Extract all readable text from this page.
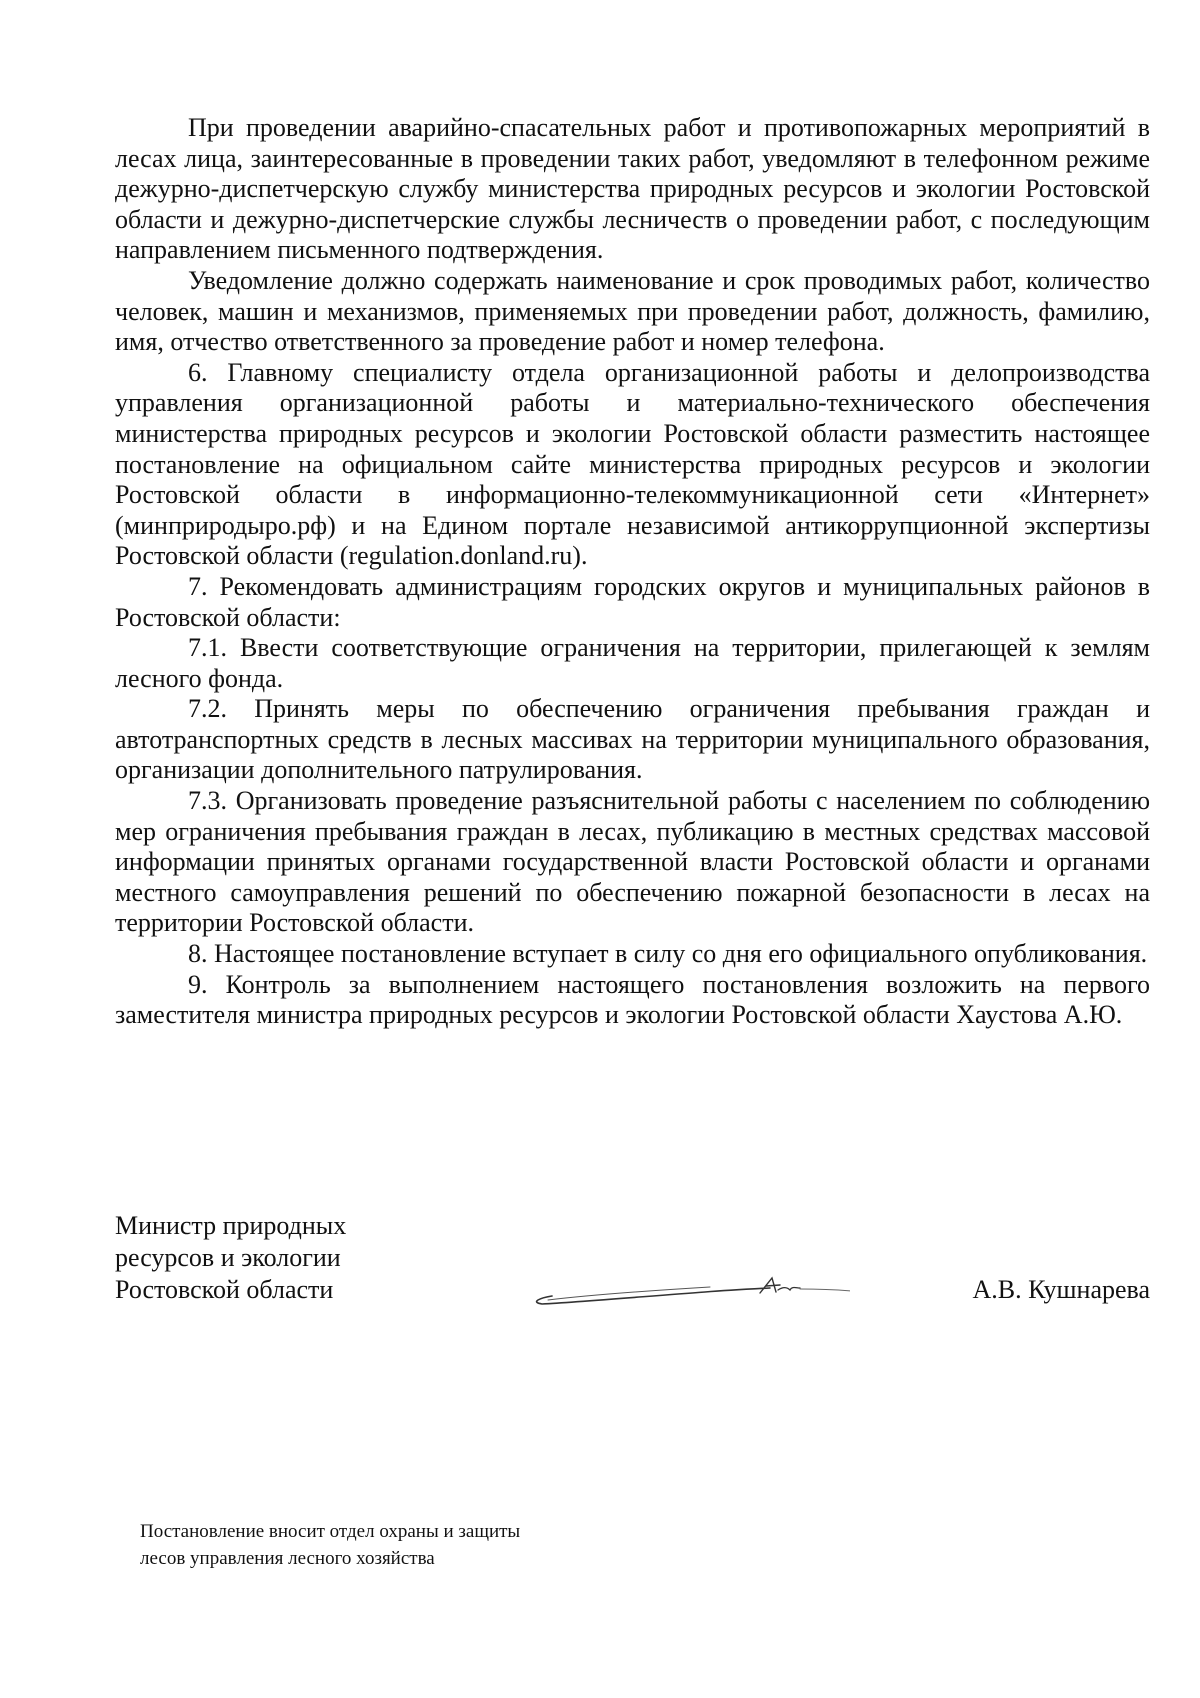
При проведении аварийно-спасательных работ и противопожарных мероприятий в лесах лица, заинтересованные в проведении таких работ, уведомляют в телефонном режиме дежурно-диспетчерскую службу министерства природных ресурсов и экологии Ростовской области и дежурно-диспетчерские службы лесничеств о проведении работ, с последующим направлением письменного подтверждения.

Уведомление должно содержать наименование и срок проводимых работ, количество человек, машин и механизмов, применяемых при проведении работ, должность, фамилию, имя, отчество ответственного за проведение работ и номер телефона.

6. Главному специалисту отдела организационной работы и делопроизводства управления организационной работы и материально-технического обеспечения министерства природных ресурсов и экологии Ростовской области разместить настоящее постановление на официальном сайте министерства природных ресурсов и экологии Ростовской области в информационно-телекоммуникационной сети «Интернет» (минприродыро.рф) и на Едином портале независимой антикоррупционной экспертизы Ростовской области (regulation.donland.ru).

7. Рекомендовать администрациям городских округов и муниципальных районов в Ростовской области:

7.1. Ввести соответствующие ограничения на территории, прилегающей к землям лесного фонда.

7.2. Принять меры по обеспечению ограничения пребывания граждан и автотранспортных средств в лесных массивах на территории муниципального образования, организации дополнительного патрулирования.

7.3. Организовать проведение разъяснительной работы с населением по соблюдению мер ограничения пребывания граждан в лесах, публикацию в местных средствах массовой информации принятых органами государственной власти Ростовской области и органами местного самоуправления решений по обеспечению пожарной безопасности в лесах на территории Ростовской области.

8. Настоящее постановление вступает в силу со дня его официального опубликования.

9. Контроль за выполнением настоящего постановления возложить на первого заместителя министра природных ресурсов и экологии Ростовской области Хаустова А.Ю.

Министр природных
ресурсов и экологии
Ростовской области	А.В. Кушнарева
Постановление вносит отдел охраны и защиты
лесов управления лесного хозяйства
